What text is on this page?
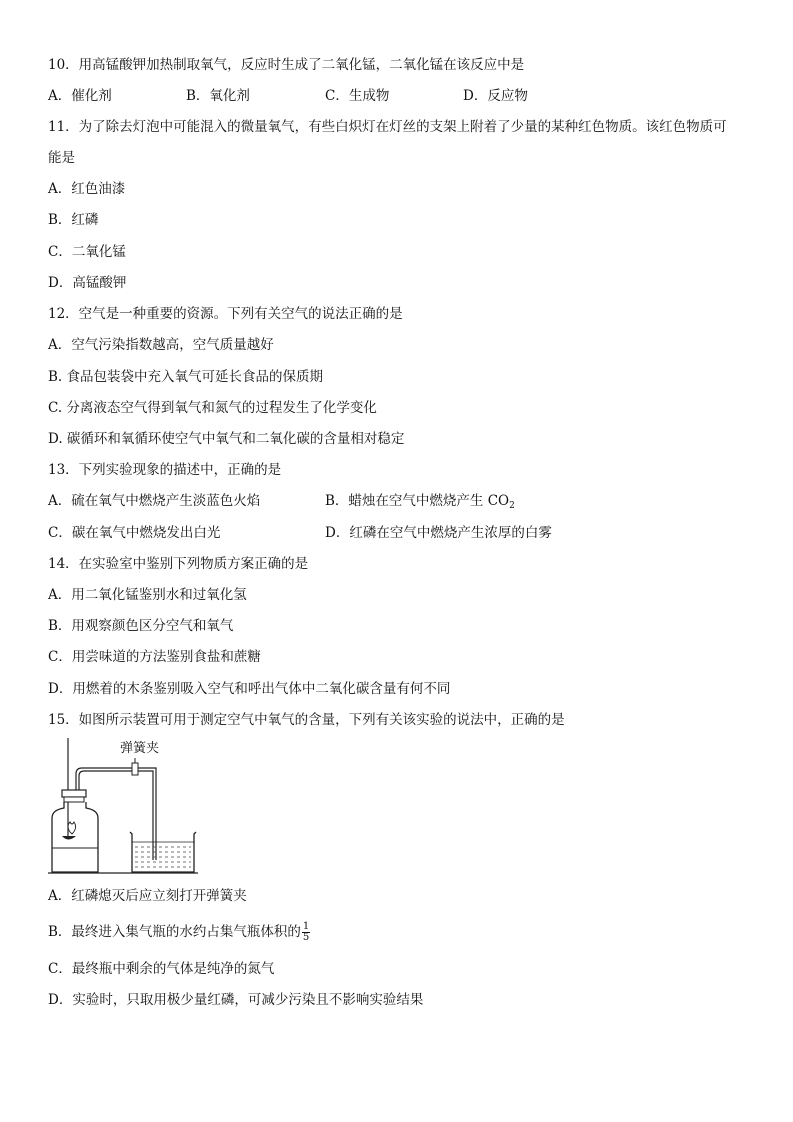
10．用高锰酸钾加热制取氧气，反应时生成了二氧化锰，二氧化锰在该反应中是
A．催化剂	B．氧化剂	C．生成物	D．反应物
11．为了除去灯泡中可能混入的微量氧气，有些白炽灯在灯丝的支架上附着了少量的某种红色物质。该红色物质可
能是
A．红色油漆
B．红磷
C．二氧化锰
D．高锰酸钾
12．空气是一种重要的资源。下列有关空气的说法正确的是
A．空气污染指数越高，空气质量越好
B. 食品包装袋中充入氧气可延长食品的保质期
C. 分离液态空气得到氧气和氮气的过程发生了化学变化
D. 碳循环和氧循环使空气中氧气和二氧化碳的含量相对稳定
13．下列实验现象的描述中，正确的是
A．硫在氧气中燃烧产生淡蓝色火焰	B．蜡烛在空气中燃烧产生 $CO_2$
C．碳在氧气中燃烧发出白光	D．红磷在空气中燃烧产生浓厚的白雾
14．在实验室中鉴别下列物质方案正确的是
A．用二氧化锰鉴别水和过氧化氢
B．用观察颜色区分空气和氧气
C．用尝味道的方法鉴别食盐和蔗糖
D．用燃着的木条鉴别吸入空气和呼出气体中二氧化碳含量有何不同
15．如图所示装置可用于测定空气中氧气的含量，下列有关该实验的说法中，正确的是
弹簧夹
A．红磷熄灭后应立刻打开弹簧夹
B．最终进入集气瓶的水约占集气瓶体积的 $\frac{1}{5}$
C．最终瓶中剩余的气体是纯净的氮气
D．实验时，只取用极少量红磷，可减少污染且不影响实验结果
